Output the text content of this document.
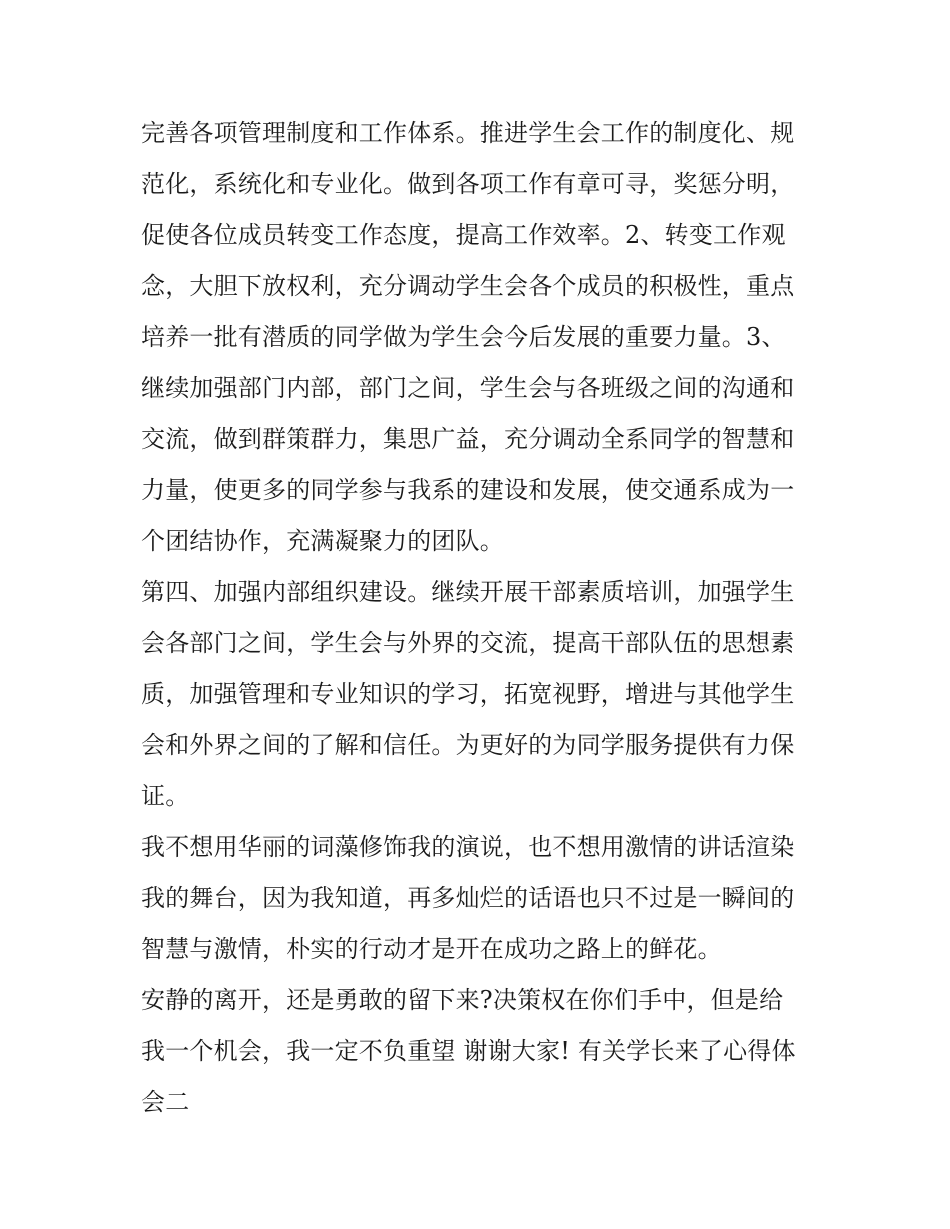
完善各项管理制度和工作体系。推进学生会工作的制度化、规
范化，系统化和专业化。做到各项工作有章可寻，奖惩分明，
促使各位成员转变工作态度，提高工作效率。2、转变工作观
念，大胆下放权利，充分调动学生会各个成员的积极性，重点
培养一批有潜质的同学做为学生会今后发展的重要力量。3、
继续加强部门内部，部门之间，学生会与各班级之间的沟通和
交流，做到群策群力，集思广益，充分调动全系同学的智慧和
力量，使更多的同学参与我系的建设和发展，使交通系成为一
个团结协作，充满凝聚力的团队。
第四、加强内部组织建设。继续开展干部素质培训，加强学生
会各部门之间，学生会与外界的交流，提高干部队伍的思想素
质，加强管理和专业知识的学习，拓宽视野，增进与其他学生
会和外界之间的了解和信任。为更好的为同学服务提供有力保
证。
我不想用华丽的词藻修饰我的演说，也不想用激情的讲话渲染
我的舞台，因为我知道，再多灿烂的话语也只不过是一瞬间的
智慧与激情，朴实的行动才是开在成功之路上的鲜花。
安静的离开，还是勇敢的留下来?决策权在你们手中，但是给
我一个机会，我一定不负重望 谢谢大家! 有关学长来了心得体
会二
